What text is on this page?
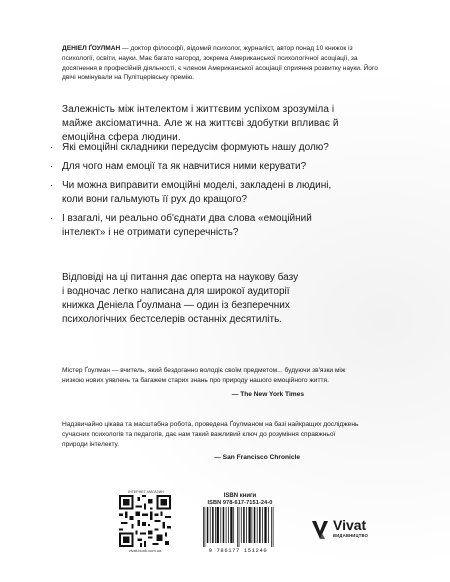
ДЕНІЕЛ ҐОУЛМАН — доктор філософії, відомий психолог, журналіст, автор понад 10 книжок із психології, освіти, науки. Має багато нагород, зокрема Американської психологічної асоціації, за досягнення в професійній діяльності, є членом Американської асоціації сприяння розвитку науки. Його двічі номінували на Пулітцерівську премію.
Залежність між інтелектом і життєвим успіхом зрозуміла і майже аксіоматична. Але ж на життєві здобутки впливає й емоційна сфера людини.
· Які емоційні складники передусім формують нашу долю?
· Для чого нам емоції та як навчитися ними керувати?
· Чи можна виправити емоційні моделі, закладені в людині, коли вони гальмують її рух до кращого?
· І взагалі, чи реально об'єднати два слова «емоційний інтелект» і не отримати суперечність?
Відповіді на ці питання дає оперта на наукову базу і водночас легко написана для широкої аудиторії книжка Деніела Ґоулмана — один із безперечних психологічних бестселерів останніх десятиліть.
Містер Ґоулман — вчитель, який бездоганно володіє своїм предметом... будуючи зв'язки між низкою нових уявлень та багажем старих знань про природу нашого емоційного життя.
— The New York Times
Надзвичайно цікава та масштабна робота, проведена Ґоулманом на базі найкращих досліджень сучасних психологів та педагогів, дає нам такий важливий ключ до розуміння справжньої природи інтелекту.
— San Francisco Chronicle
ІНТЕРНЕТ-МАГАЗИН
vivat-book.com.ua
ISBN книги
ISBN 978-617-7151-24-0
9 786177 151240
Vivat
ВИДАВНИЦТВО
